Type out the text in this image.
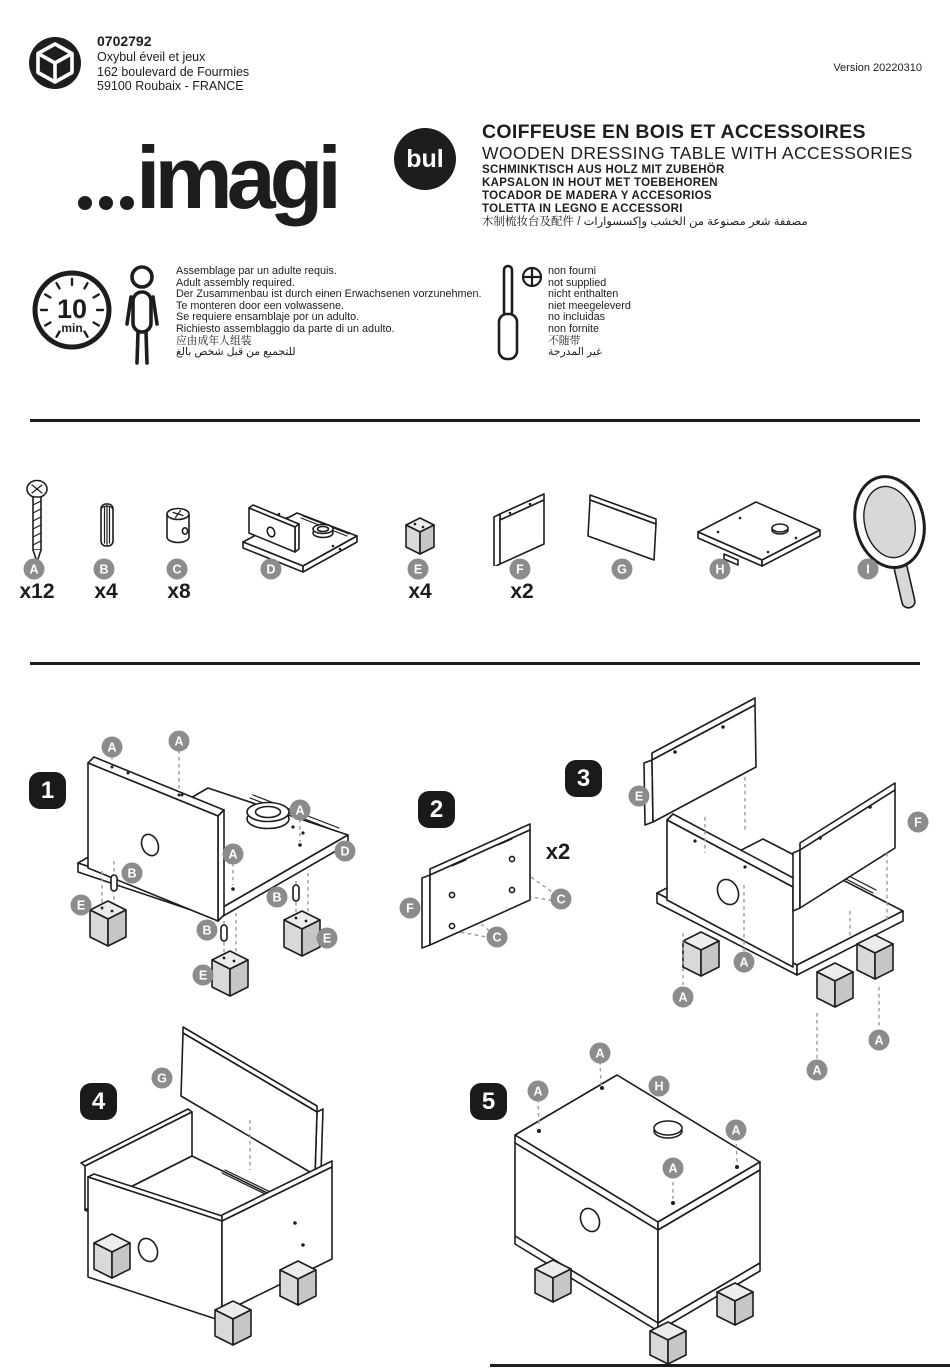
0702792
Oxybul éveil et jeux
162 boulevard de Fourmies
59100 Roubaix - FRANCE
Version 20220310
imagi	bul
COIFFEUSE EN BOIS ET ACCESSOIRES
WOODEN DRESSING TABLE WITH ACCESSORIES
SCHMINKTISCH AUS HOLZ MIT ZUBEHÖR
KAPSALON IN HOUT MET TOEBEHOREN
TOCADOR DE MADERA Y ACCESORIOS
TOLETTA IN LEGNO E ACCESSORI
木制梳妆台及配件 / مصففة شعر مصنوعة من الخشب وإكسسوارات
10
min
Assemblage par un adulte requis.
Adult assembly required.
Der Zusammenbau ist durch einen Erwachsenen vorzunehmen.
Te monteren door een volwassene.
Se requiere ensamblaje por un adulto.
Richiesto assemblaggio da parte di un adulto.
应由成年人组装
للتجميع من قبل شخص بالغ
non fourni
not supplied
nicht enthalten
niet meegeleverd
no incluidas
non fornite
不随带
غير المدرجة
A	B	C	D	E	F	G	H	I
x12 x4 x8	x4	x2
1
A	A
A
A	D
B
E
B
E
B
E
2
x2
F
C
C
3
E
F
A
A
A
A
4
G
5
A
A	H
A
A
